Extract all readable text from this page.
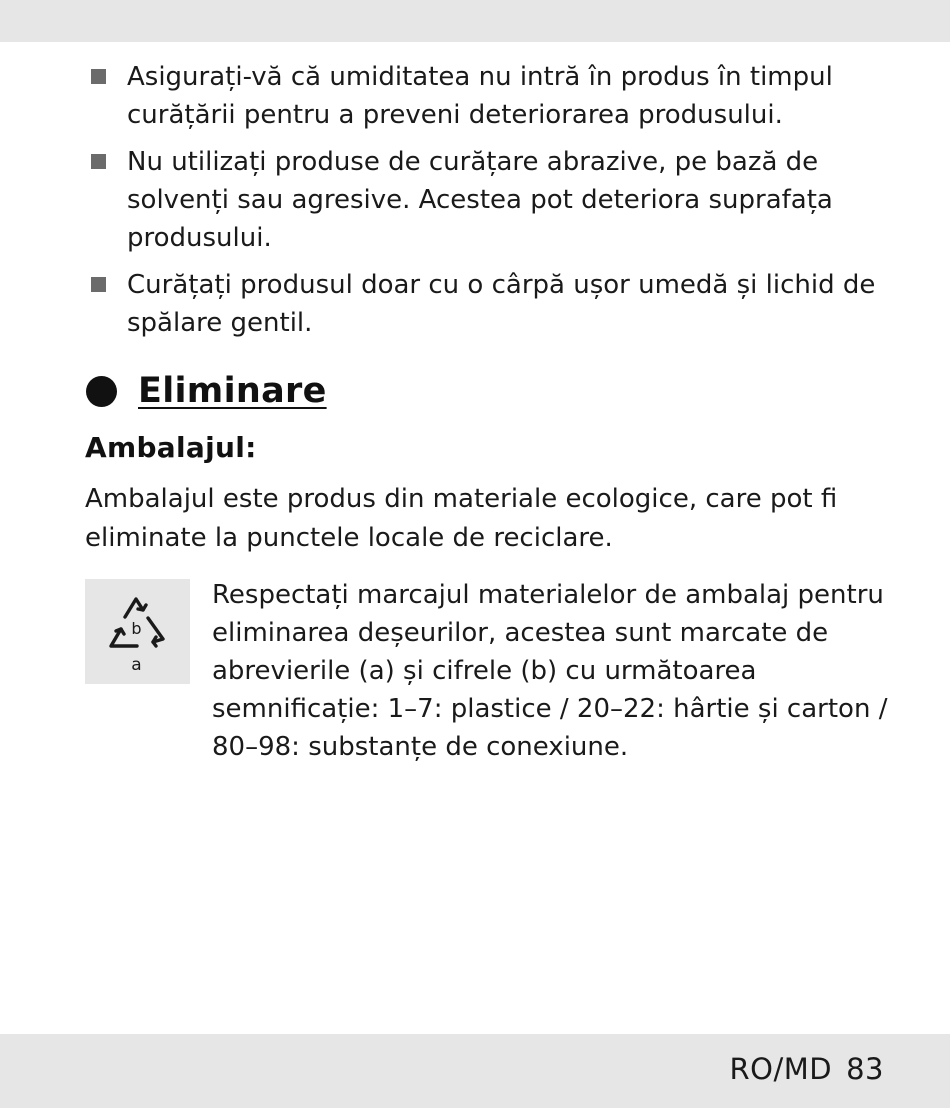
Asigurați-vă că umiditatea nu intră în produs în timpul
curățării pentru a preveni deteriorarea produsului.
Nu utilizați produse de curățare abrazive, pe bază de
solvenți sau agresive. Acestea pot deteriora suprafața
produsului.
Curățați produsul doar cu o cârpă ușor umedă și lichid de
spălare gentil.
Eliminare
Ambalajul:
Ambalajul este produs din materiale ecologice, care pot fi
eliminate la punctele locale de reciclare.
b
a
Respectați marcajul materialelor de ambalaj pentru
eliminarea deșeurilor, acestea sunt marcate de
abrevierile (a) și cifrele (b) cu următoarea
semnificație: 1–7: plastice / 20–22: hârtie și carton /
80–98: substanțe de conexiune.
RO/MD 83
